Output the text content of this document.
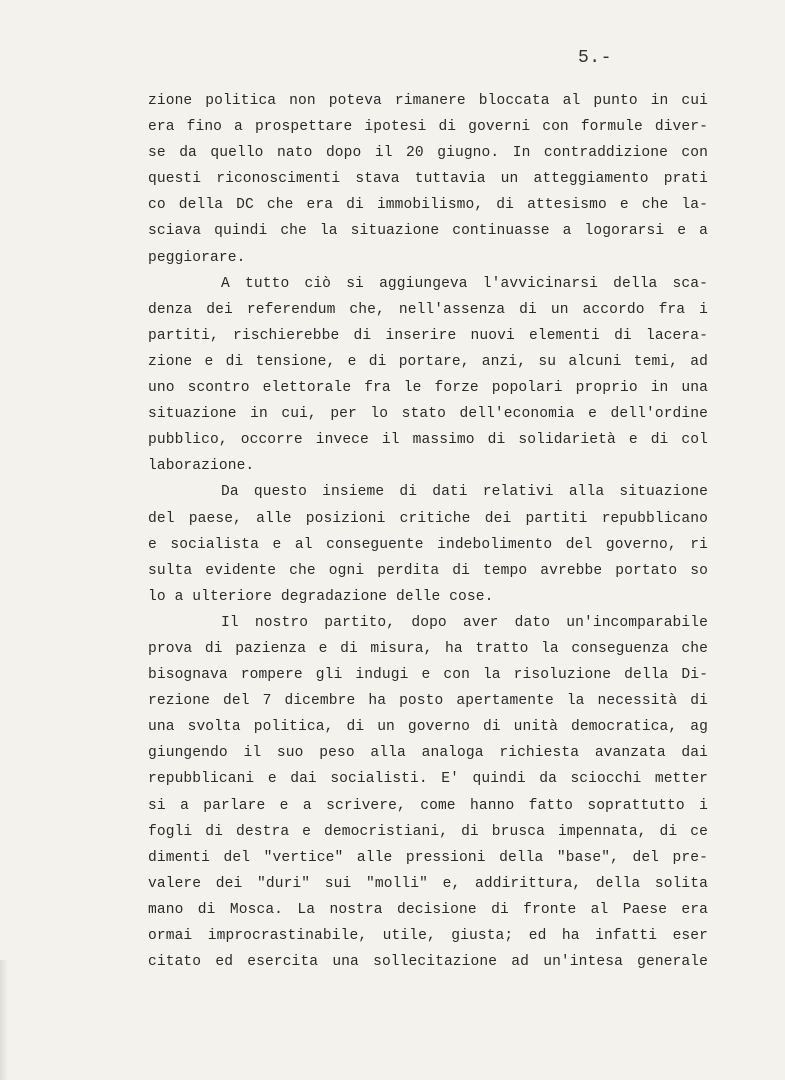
5.-
zione politica non poteva rimanere bloccata al punto in cui
era fino a prospettare ipotesi di governi con formule diver-
se da quello nato dopo il 20 giugno. In contraddizione con
questi riconoscimenti stava tuttavia un atteggiamento prati
co della DC che era di immobilismo, di attesismo e che la-
sciava quindi che la situazione continuasse a logorarsi e a
peggiorare.
A tutto ciò si aggiungeva l'avvicinarsi della sca-
denza dei referendum che, nell'assenza di un accordo fra i
partiti, rischierebbe di inserire nuovi elementi di lacera-
zione e di tensione, e di portare, anzi, su alcuni temi, ad
uno scontro elettorale fra le forze popolari proprio in una
situazione in cui, per lo stato dell'economia e dell'ordine
pubblico, occorre invece il massimo di solidarietà e di col
laborazione.
Da questo insieme di dati relativi alla situazione
del paese, alle posizioni critiche dei partiti repubblicano
e socialista e al conseguente indebolimento del governo, ri
sulta evidente che ogni perdita di tempo avrebbe portato so
lo a ulteriore degradazione delle cose.
Il nostro partito, dopo aver dato un'incomparabile
prova di pazienza e di misura, ha tratto la conseguenza che
bisognava rompere gli indugi e con la risoluzione della Di-
rezione del 7 dicembre ha posto apertamente la necessità di
una svolta politica, di un governo di unità democratica, ag
giungendo il suo peso alla analoga richiesta avanzata dai
repubblicani e dai socialisti. E' quindi da sciocchi metter
si a parlare e a scrivere, come hanno fatto soprattutto i
fogli di destra e democristiani, di brusca impennata, di ce
dimenti del "vertice" alle pressioni della "base", del pre-
valere dei "duri" sui "molli" e, addirittura, della solita
mano di Mosca. La nostra decisione di fronte al Paese era
ormai improcrastinabile, utile, giusta; ed ha infatti eser
citato ed esercita una sollecitazione ad un'intesa generale
